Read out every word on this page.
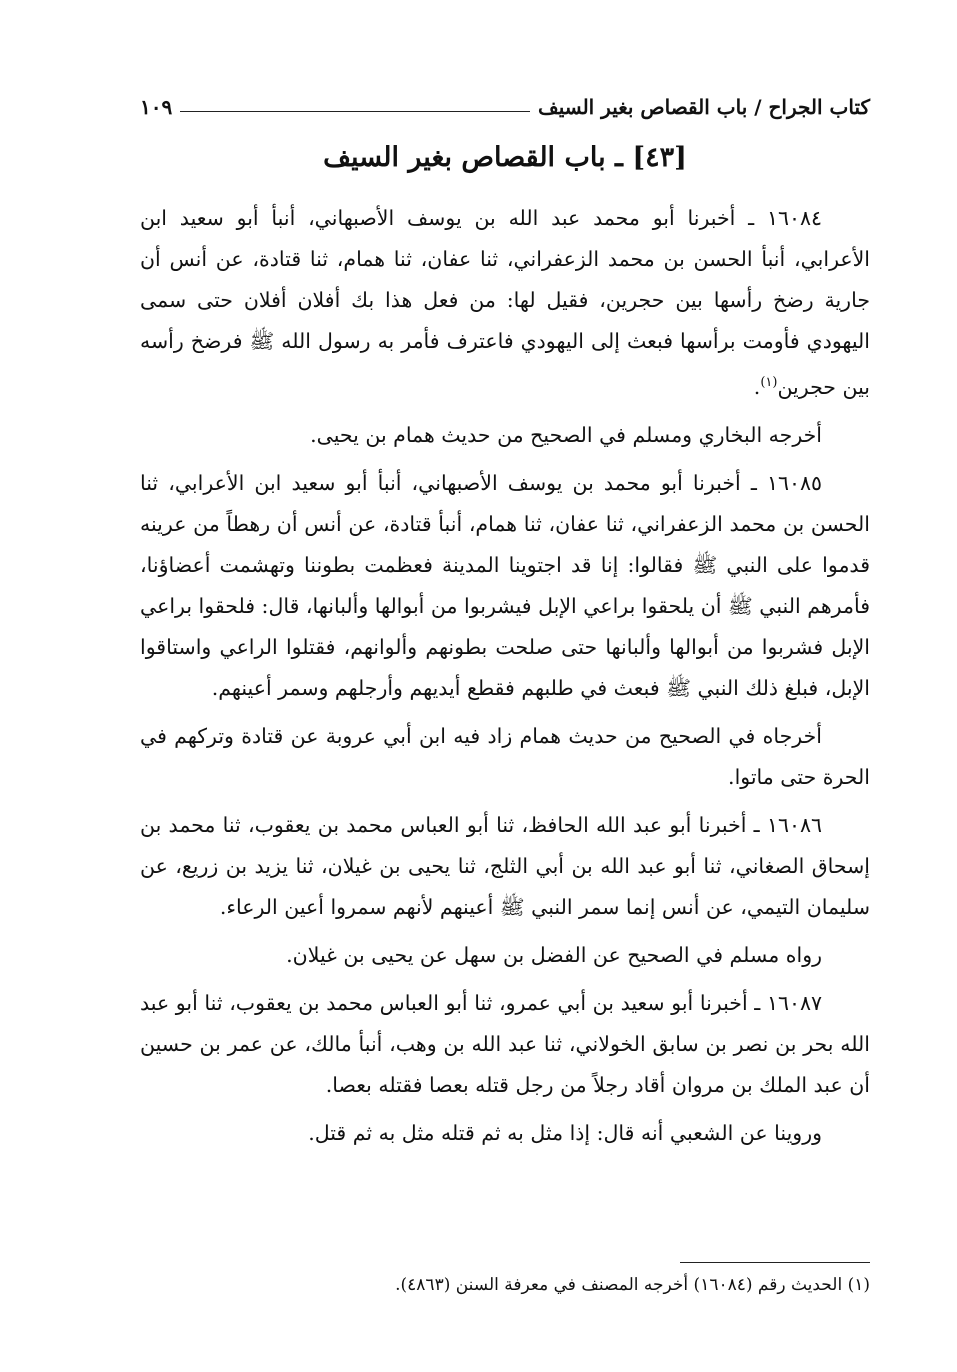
كتاب الجراح / باب القصاص بغير السيف
١٠٩
[٤٣] ـ باب القصاص بغير السيف

١٦٠٨٤ ـ أخبرنا أبو محمد عبد الله بن يوسف الأصبهاني، أنبأ أبو سعيد ابن الأعرابي، أنبأ الحسن بن محمد الزعفراني، ثنا عفان، ثنا همام، ثنا قتادة، عن أنس أن جارية رضخ رأسها بين حجرين، فقيل لها: من فعل هذا بك أفلان أفلان حتى سمى اليهودي فأومت برأسها فبعث إلى اليهودي فاعترف فأمر به رسول الله ﷺ فرضخ رأسه بين حجرين$^{(١)}$.

أخرجه البخاري ومسلم في الصحيح من حديث همام بن يحيى.

١٦٠٨٥ ـ أخبرنا أبو محمد بن يوسف الأصبهاني، أنبأ أبو سعيد ابن الأعرابي، ثنا الحسن بن محمد الزعفراني، ثنا عفان، ثنا همام، أنبأ قتادة، عن أنس أن رهطاً من عرينه قدموا على النبي ﷺ فقالوا: إنا قد اجتوينا المدينة فعظمت بطوننا وتهشمت أعضاؤنا، فأمرهم النبي ﷺ أن يلحقوا براعي الإبل فيشربوا من أبوالها وألبانها، قال: فلحقوا براعي الإبل فشربوا من أبوالها وألبانها حتى صلحت بطونهم وألوانهم، فقتلوا الراعي واستاقوا الإبل، فبلغ ذلك النبي ﷺ فبعث في طلبهم فقطع أيديهم وأرجلهم وسمر أعينهم.

أخرجاه في الصحيح من حديث همام زاد فيه ابن أبي عروبة عن قتادة وتركهم في الحرة حتى ماتوا.

١٦٠٨٦ ـ أخبرنا أبو عبد الله الحافظ، ثنا أبو العباس محمد بن يعقوب، ثنا محمد بن إسحاق الصغاني، ثنا أبو عبد الله بن أبي الثلج، ثنا يحيى بن غيلان، ثنا يزيد بن زريع، عن سليمان التيمي، عن أنس إنما سمر النبي ﷺ أعينهم لأنهم سمروا أعين الرعاء.

رواه مسلم في الصحيح عن الفضل بن سهل عن يحيى بن غيلان.

١٦٠٨٧ ـ أخبرنا أبو سعيد بن أبي عمرو، ثنا أبو العباس محمد بن يعقوب، ثنا أبو عبد الله بحر بن نصر بن سابق الخولاني، ثنا عبد الله بن وهب، أنبأ مالك، عن عمر بن حسين أن عبد الملك بن مروان أقاد رجلاً من رجل قتله بعصا فقتله بعصا.

وروينا عن الشعبي أنه قال: إذا مثل به ثم قتله مثل به ثم قتل.

(١) الحديث رقم (١٦٠٨٤) أخرجه المصنف في معرفة السنن (٤٨٦٣).
